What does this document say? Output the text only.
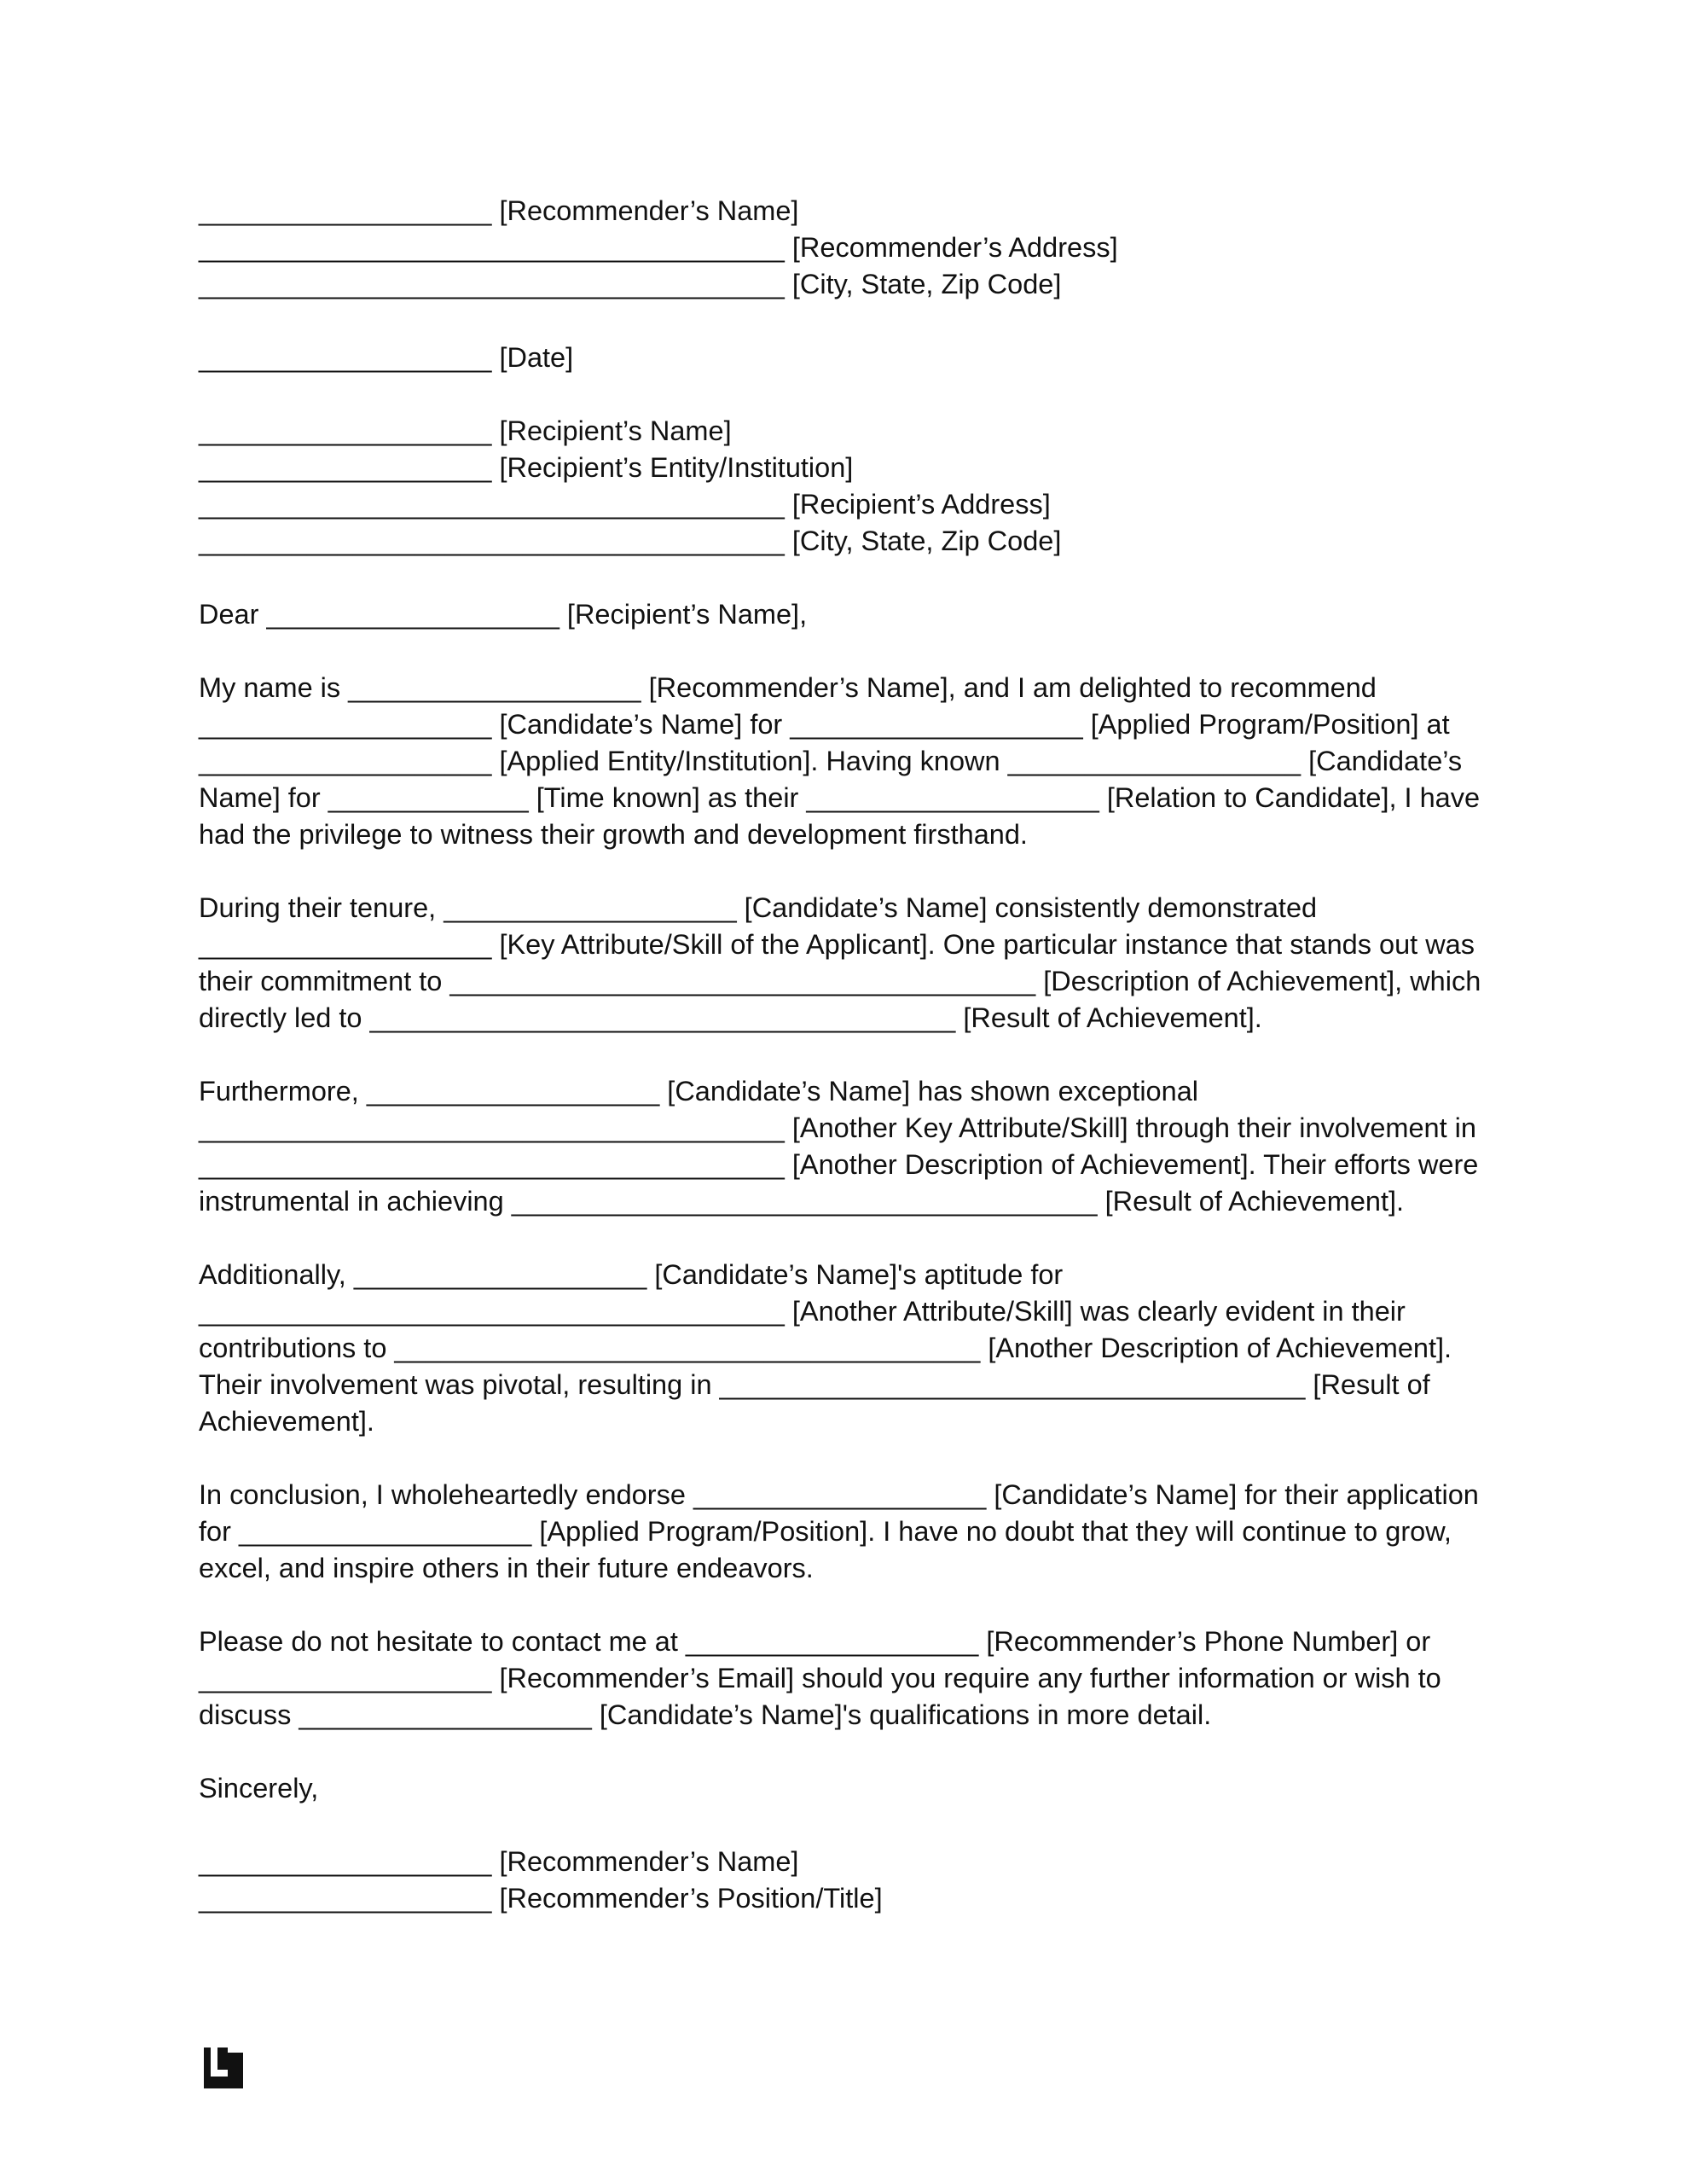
___________________ [Recommender’s Name]
______________________________________ [Recommender’s Address]
______________________________________ [City, State, Zip Code]
___________________ [Date]
___________________ [Recipient’s Name]
___________________ [Recipient’s Entity/Institution]
______________________________________ [Recipient’s Address]
______________________________________ [City, State, Zip Code]
Dear ___________________ [Recipient’s Name],
My name is ___________________ [Recommender’s Name], and I am delighted to recommend
___________________ [Candidate’s Name] for ___________________ [Applied Program/Position] at
___________________ [Applied Entity/Institution]. Having known ___________________ [Candidate’s
Name] for _____________ [Time known] as their ___________________ [Relation to Candidate], I have
had the privilege to witness their growth and development firsthand.
During their tenure, ___________________ [Candidate’s Name] consistently demonstrated
___________________ [Key Attribute/Skill of the Applicant]. One particular instance that stands out was
their commitment to ______________________________________ [Description of Achievement], which
directly led to ______________________________________ [Result of Achievement].
Furthermore, ___________________ [Candidate’s Name] has shown exceptional
______________________________________ [Another Key Attribute/Skill] through their involvement in
______________________________________ [Another Description of Achievement]. Their efforts were
instrumental in achieving ______________________________________ [Result of Achievement].
Additionally, ___________________ [Candidate’s Name]'s aptitude for
______________________________________ [Another Attribute/Skill] was clearly evident in their
contributions to ______________________________________ [Another Description of Achievement].
Their involvement was pivotal, resulting in ______________________________________ [Result of
Achievement].
In conclusion, I wholeheartedly endorse ___________________ [Candidate’s Name] for their application
for ___________________ [Applied Program/Position]. I have no doubt that they will continue to grow,
excel, and inspire others in their future endeavors.
Please do not hesitate to contact me at ___________________ [Recommender’s Phone Number] or
___________________ [Recommender’s Email] should you require any further information or wish to
discuss ___________________ [Candidate’s Name]'s qualifications in more detail.
Sincerely,
___________________ [Recommender’s Name]
___________________ [Recommender’s Position/Title]
